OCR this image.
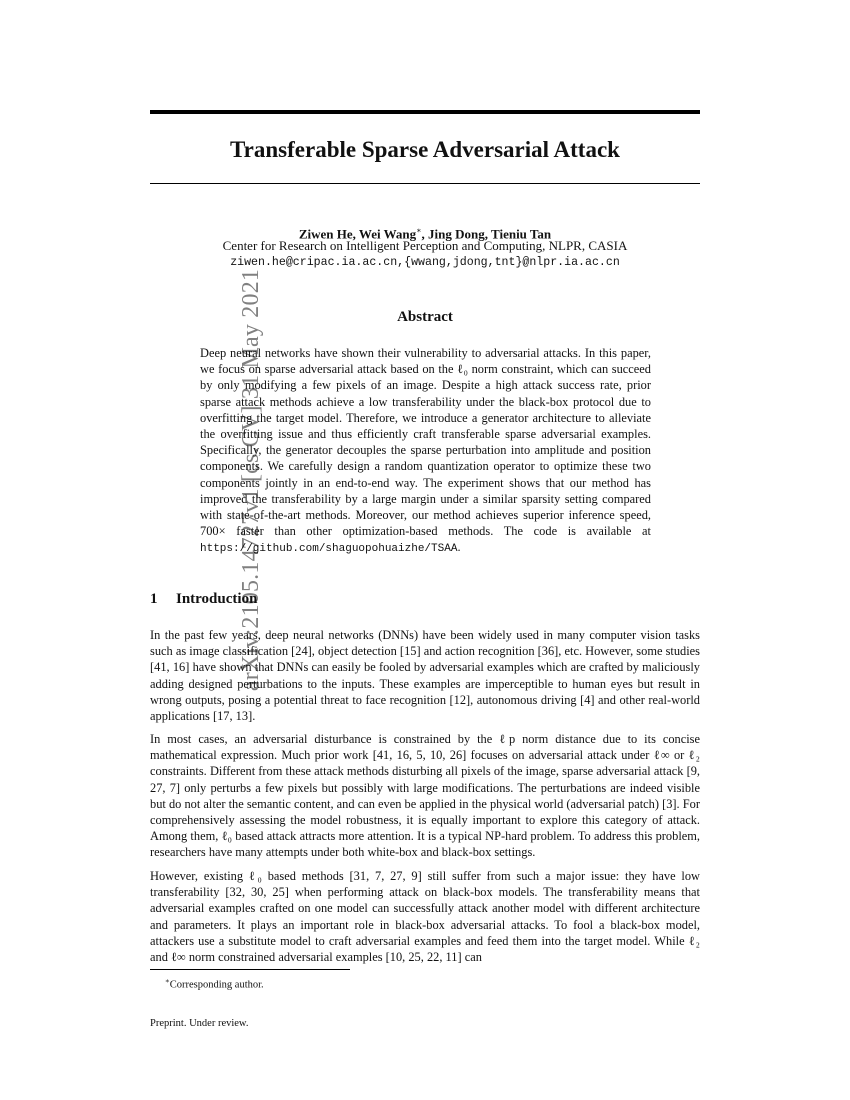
arXiv:2105.14727v1 [cs.CV] 31 May 2021
Transferable Sparse Adversarial Attack
Ziwen He, Wei Wang∗, Jing Dong, Tieniu Tan
Center for Research on Intelligent Perception and Computing, NLPR, CASIA
ziwen.he@cripac.ia.ac.cn,{wwang,jdong,tnt}@nlpr.ia.ac.cn
Abstract

Deep neural networks have shown their vulnerability to adversarial attacks. In this paper, we focus on sparse adversarial attack based on the ℓ₀ norm constraint, which can succeed by only modifying a few pixels of an image. Despite a high attack success rate, prior sparse attack methods achieve a low transferability under the black-box protocol due to overfitting the target model. Therefore, we introduce a generator architecture to alleviate the overfitting issue and thus efficiently craft transferable sparse adversarial examples. Specifically, the generator decouples the sparse perturbation into amplitude and position components. We carefully design a random quantization operator to optimize these two components jointly in an end-to-end way. The experiment shows that our method has improved the transferability by a large margin under a similar sparsity setting compared with state-of-the-art methods. Moreover, our method achieves superior inference speed, 700× faster than other optimization-based methods. The code is available at https://github.com/shaguopohuaizhe/TSAA.

1 Introduction

In the past few years, deep neural networks (DNNs) have been widely used in many computer vision tasks such as image classification [24], object detection [15] and action recognition [36], etc. However, some studies [41, 16] have shown that DNNs can easily be fooled by adversarial examples which are crafted by maliciously adding designed perturbations to the inputs. These examples are imperceptible to human eyes but result in wrong outputs, posing a potential threat to face recognition [12], autonomous driving [4] and other real-world applications [17, 13].

In most cases, an adversarial disturbance is constrained by the ℓp norm distance due to its concise mathematical expression. Much prior work [41, 16, 5, 10, 26] focuses on adversarial attack under ℓ∞ or ℓ₂ constraints. Different from these attack methods disturbing all pixels of the image, sparse adversarial attack [9, 27, 7] only perturbs a few pixels but possibly with large modifications. The perturbations are indeed visible but do not alter the semantic content, and can even be applied in the physical world (adversarial patch) [3]. For comprehensively assessing the model robustness, it is equally important to explore this category of attack. Among them, ℓ₀ based attack attracts more attention. It is a typical NP-hard problem. To address this problem, researchers have many attempts under both white-box and black-box settings.

However, existing ℓ₀ based methods [31, 7, 27, 9] still suffer from such a major issue: they have low transferability [32, 30, 25] when performing attack on black-box models. The transferability means that adversarial examples crafted on one model can successfully attack another model with different architecture and parameters. It plays an important role in black-box adversarial attacks. To fool a black-box model, attackers use a substitute model to craft adversarial examples and feed them into the target model. While ℓ₂ and ℓ∞ norm constrained adversarial examples [10, 25, 22, 11] can

∗Corresponding author.

Preprint. Under review.
